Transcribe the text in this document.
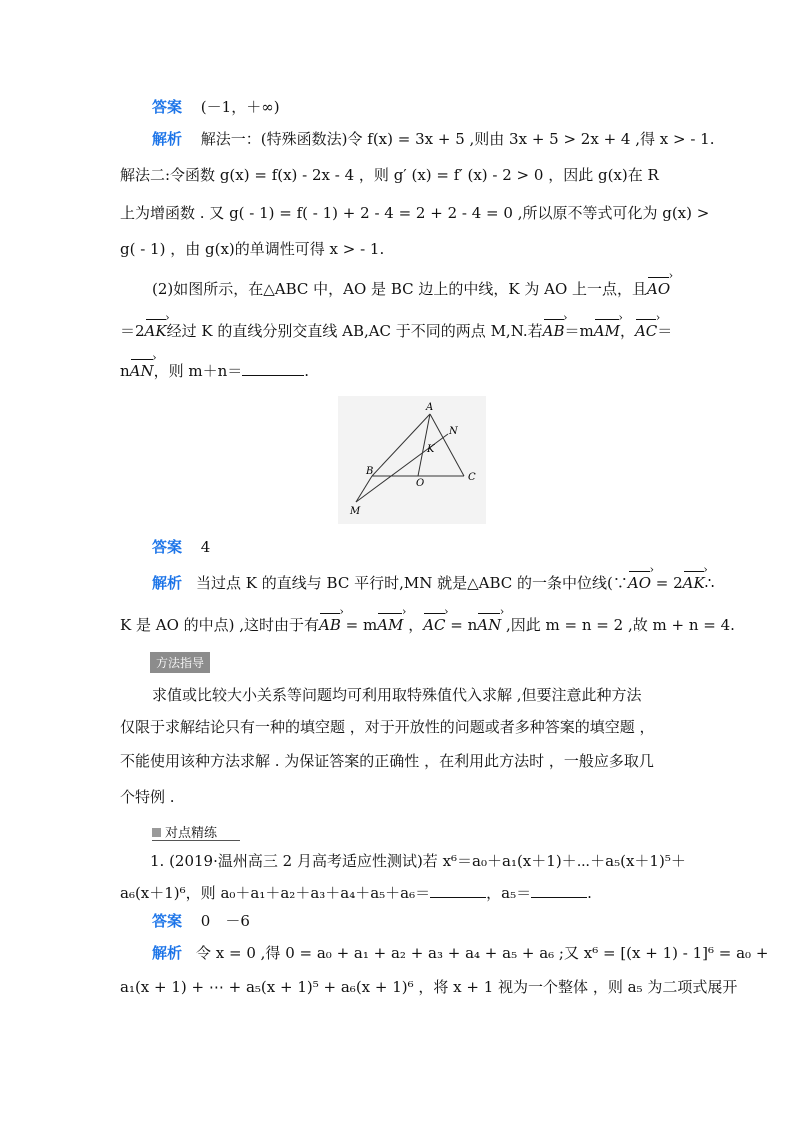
答案 (－1，＋∞)
解析 解法一：(特殊函数法)令 f(x) = 3x + 5 ,则由 3x + 5 > 2x + 4 ,得 x > - 1.
解法二:令函数 g(x) = f(x) - 2x - 4 ，则 g′ (x) = f′ (x) - 2 > 0 ，因此 g(x)在 R
上为增函数 . 又 g( - 1) = f( - 1) + 2 - 4 = 2 + 2 - 4 = 0 ,所以原不等式可化为 g(x) >
g( - 1) ，由 g(x)的单调性可得 x > - 1.
(2)如图所示，在△ABC 中，AO 是 BC 边上的中线，K 为 AO 上一点，且AO ›
＝2AK ›经过 K 的直线分别交直线 AB,AC 于不同的两点 M,N.若AB ›＝mAM ›，AC ›＝
nAN ›，则 m＋n＝	.
A
N
K
B
O
C
M
答案 4
解析 当过点 K 的直线与 BC 平行时,MN 就是△ABC 的一条中位线(∵AO › = 2AK ›∴
K 是 AO 的中点) ,这时由于有AB › = mAM › ，AC › = nAN › ,因此 m = n = 2 ,故 m + n = 4.
方法指导
求值或比较大小关系等问题均可利用取特殊值代入求解 ,但要注意此种方法
仅限于求解结论只有一种的填空题 ，对于开放性的问题或者多种答案的填空题 ，
不能使用该种方法求解 . 为保证答案的正确性 ，在利用此方法时 ，一般应多取几
个特例 .
对点精练
1. (2019·温州高三 2 月高考适应性测试)若 x⁶＝a₀＋a₁(x＋1)＋⋯＋a₅(x＋1)⁵＋
a₆(x＋1)⁶，则 a₀＋a₁＋a₂＋a₃＋a₄＋a₅＋a₆＝	，a₅＝	.
答案 0　－6
解析 令 x = 0 ,得 0 = a₀ + a₁ + a₂ + a₃ + a₄ + a₅ + a₆ ;又 x⁶ = [(x + 1) - 1]⁶ = a₀ +
a₁(x + 1) + ⋯ + a₅(x + 1)⁵ + a₆(x + 1)⁶ ，将 x + 1 视为一个整体 ，则 a₅ 为二项式展开
